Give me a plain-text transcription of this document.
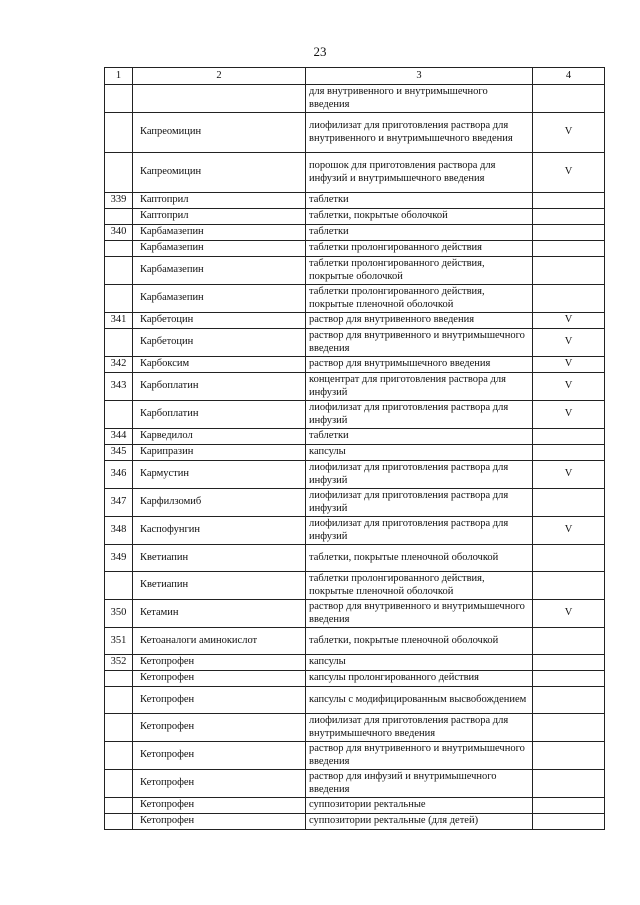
23
1	2	3	4
		для внутривенного и внутримышечного введения	
	Капреомицин	лиофилизат для приготовления раствора для внутривенного и внутримышечного введения	V
	Капреомицин	порошок для приготовления раствора для инфузий и внутримышечного введения	V
339	Каптоприл	таблетки	
	Каптоприл	таблетки, покрытые оболочкой	
340	Карбамазепин	таблетки	
	Карбамазепин	таблетки пролонгированного действия	
	Карбамазепин	таблетки пролонгированного действия, покрытые оболочкой	
	Карбамазепин	таблетки пролонгированного действия, покрытые пленочной оболочкой	
341	Карбетоцин	раствор для внутривенного введения	V
	Карбетоцин	раствор для внутривенного и внутримышечного введения	V
342	Карбоксим	раствор для внутримышечного введения	V
343	Карбоплатин	концентрат для приготовления раствора для инфузий	V
	Карбоплатин	лиофилизат для приготовления раствора для инфузий	V
344	Карведилол	таблетки	
345	Карипразин	капсулы	
346	Кармустин	лиофилизат для приготовления раствора для инфузий	V
347	Карфилзомиб	лиофилизат для приготовления раствора для инфузий	
348	Каспофунгин	лиофилизат для приготовления раствора для инфузий	V
349	Кветиапин	таблетки, покрытые пленочной оболочкой	
	Кветиапин	таблетки пролонгированного действия, покрытые пленочной оболочкой	
350	Кетамин	раствор для внутривенного и внутримышечного введения	V
351	Кетоаналоги аминокислот	таблетки, покрытые пленочной оболочкой	
352	Кетопрофен	капсулы	
	Кетопрофен	капсулы пролонгированного действия	
	Кетопрофен	капсулы с модифицированным высвобождением	
	Кетопрофен	лиофилизат для приготовления раствора для внутримышечного введения	
	Кетопрофен	раствор для внутривенного и внутримышечного введения	
	Кетопрофен	раствор для инфузий и внутримышечного введения	
	Кетопрофен	суппозитории ректальные	
	Кетопрофен	суппозитории ректальные (для детей)	
